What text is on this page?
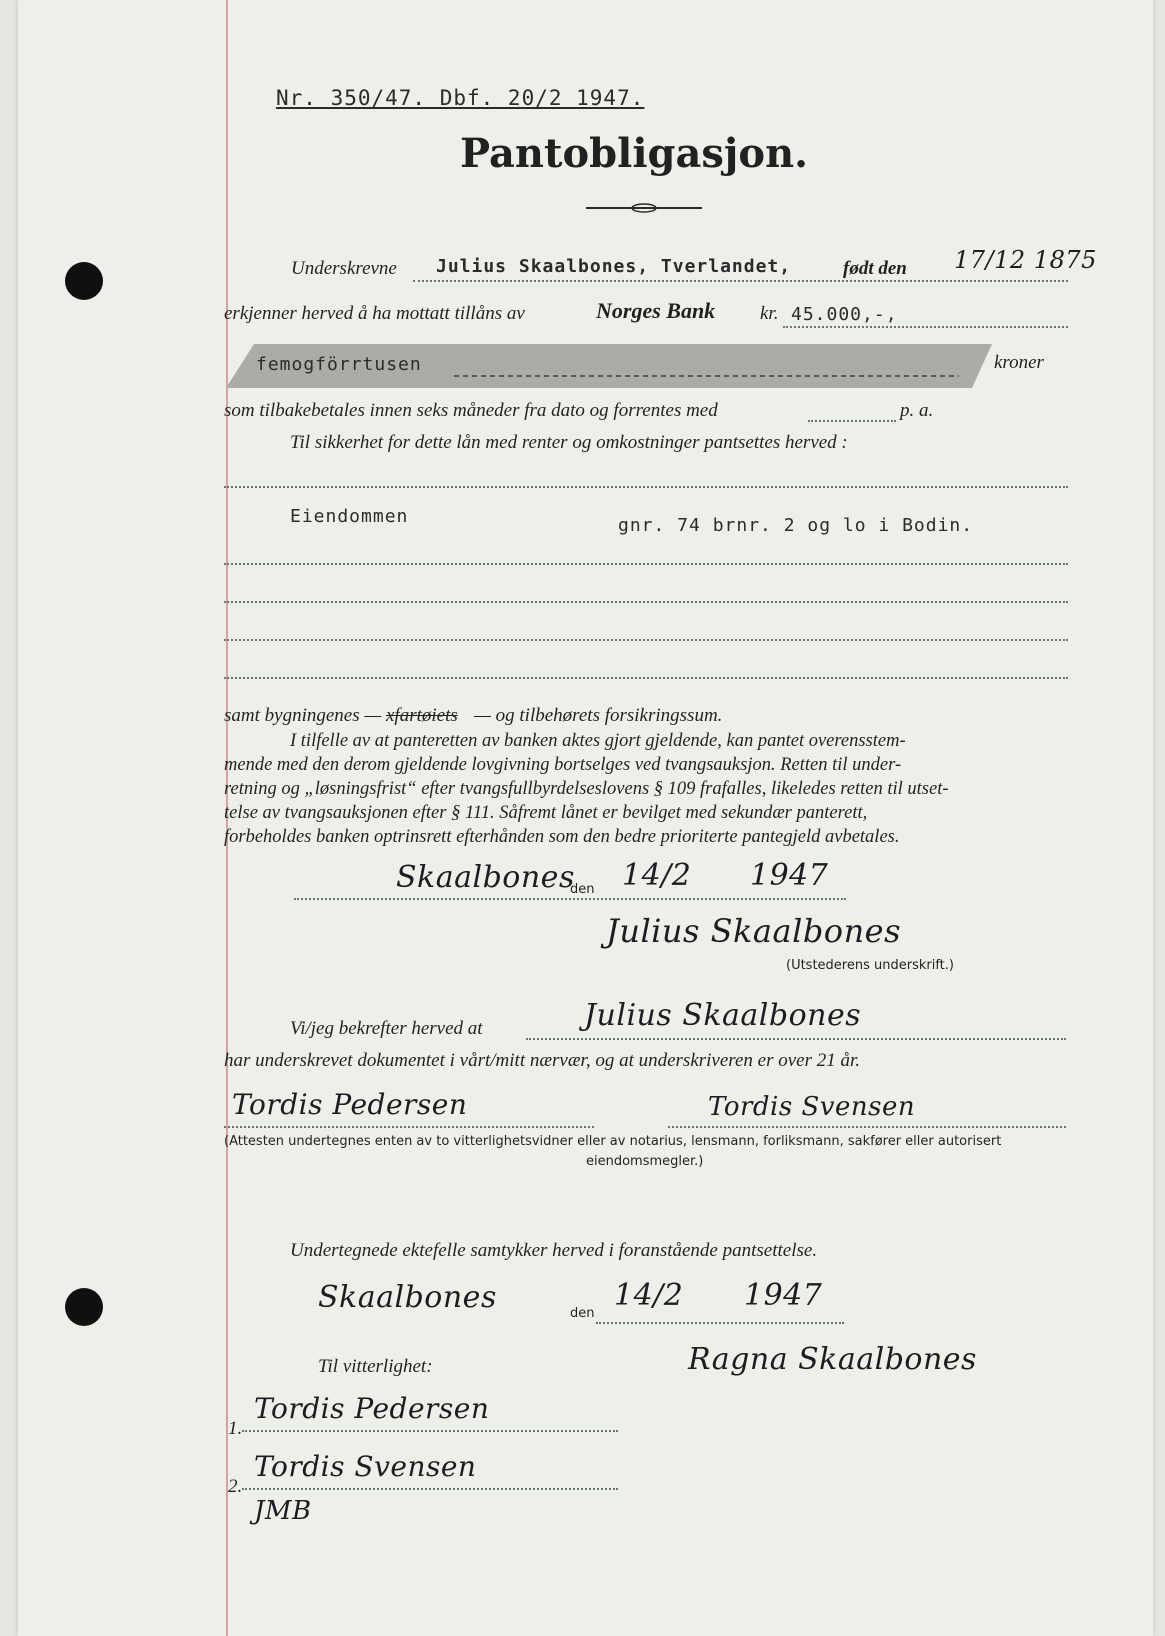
Nr. 350/47. Dbf. 20/2 1947.
Pantobligasjon.
Underskrevne Julius Skaalbones, Tverlandet,	født den 17/12 1875
erkjenner herved å ha mottatt tillåns av	Norges Bank kr. 45.000,-,
femogförrtusen	kroner
som tilbakebetales innen seks måneder fra dato og forrentes med	p. a.
Til sikkerhet for dette lån med renter og omkostninger pantsettes herved :
Eiendommen	gnr. 74 brnr. 2 og lo i Bodin.
samt bygningenes — xfartøiets — og tilbehørets forsikringssum.
I tilfelle av at panteretten av banken aktes gjort gjeldende, kan pantet overensstem-
mende med den derom gjeldende lovgivning bortselges ved tvangsauksjon. Retten til under-
retning og „løsningsfrist“ efter tvangsfullbyrdelseslovens § 109 frafalles, likeledes retten til utset-
telse av tvangsauksjonen efter § 111. Såfremt lånet er bevilget med sekundær panterett,
forbeholdes banken optrinsrett efterhånden som den bedre prioriterte pantegjeld avbetales.
Skaalbones
den 14/2 1947
Julius Skaalbones
(Utstederens underskrift.)
Vi/jeg bekrefter herved at	Julius Skaalbones
har underskrevet dokumentet i vårt/mitt nærvær, og at underskriveren er over 21 år.
Tordis Pedersen	Tordis Svensen
(Attesten undertegnes enten av to vitterlighetsvidner eller av notarius, lensmann, forliksmann, sakfører eller autorisert
eiendomsmegler.)
Undertegnede ektefelle samtykker herved i foranstående pantsettelse.
Skaalbones	den
14/2 1947
Til vitterlighet:	Ragna Skaalbones
1.
Tordis Pedersen
2.
Tordis Svensen
JMB
